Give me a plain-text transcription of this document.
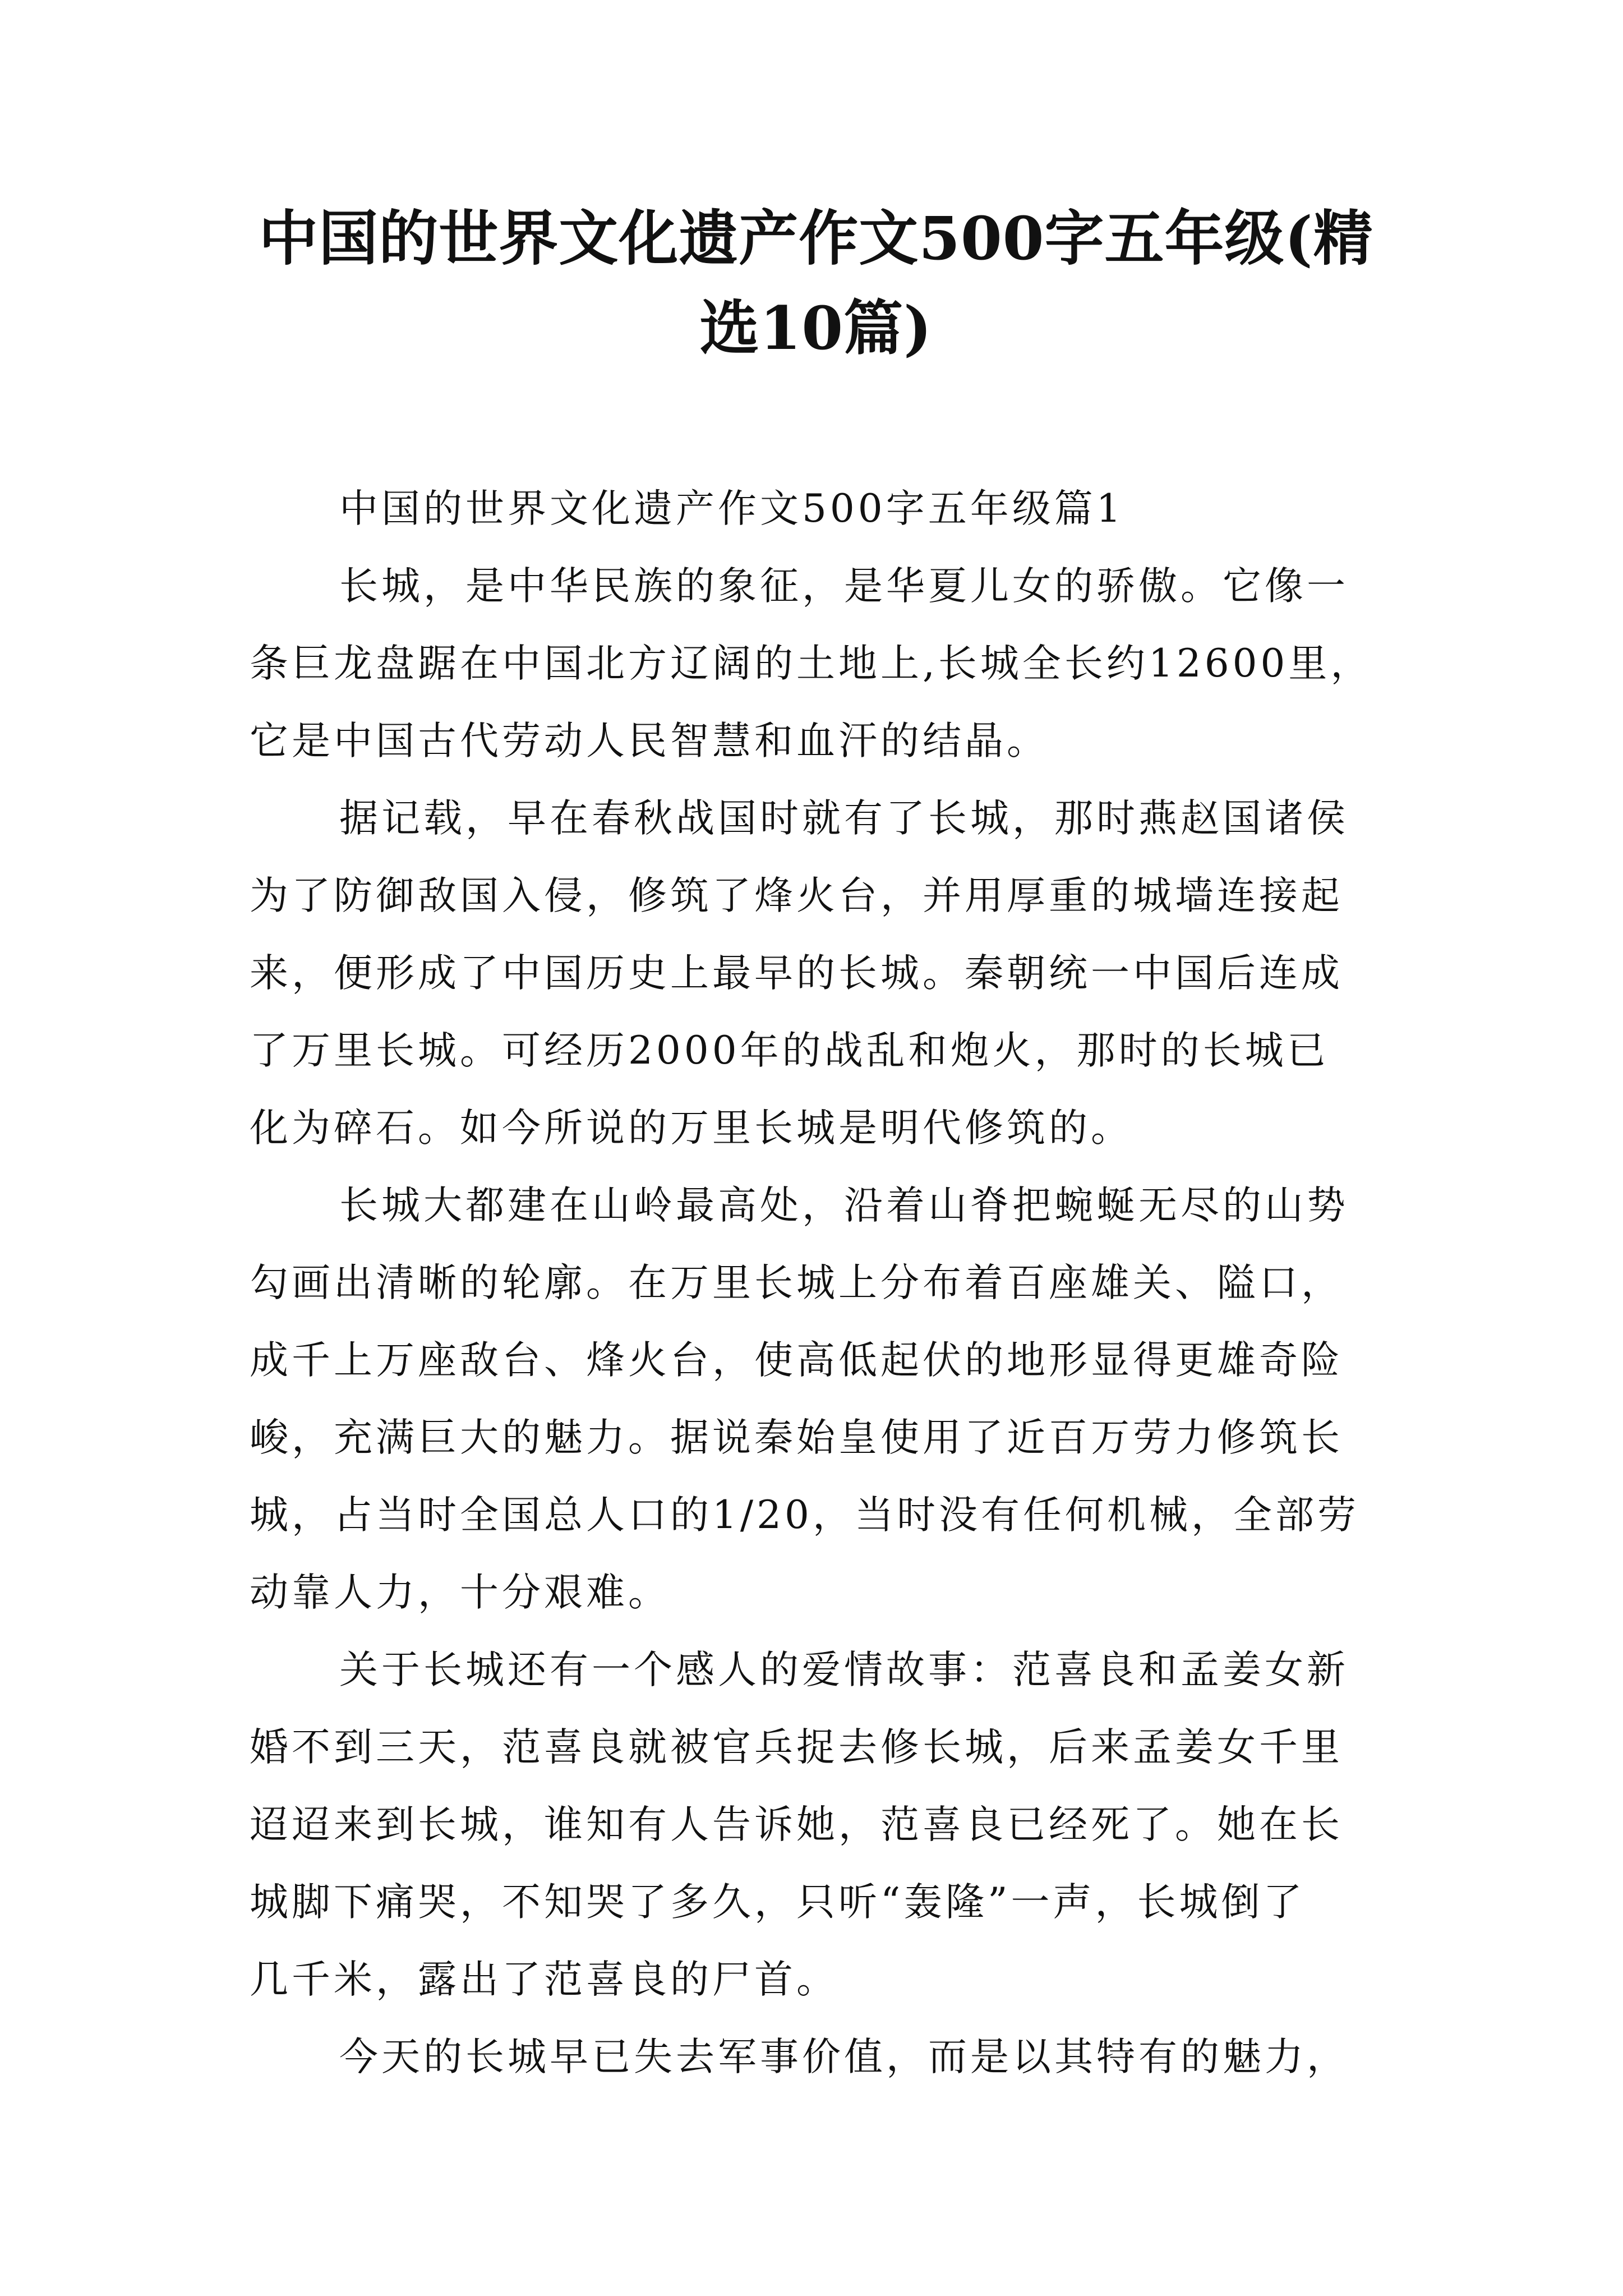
中国的世界文化遗产作文500字五年级(精
选10篇)

中国的世界文化遗产作文500字五年级篇1

长城，是中华民族的象征，是华夏儿女的骄傲。它像一

条巨龙盘踞在中国北方辽阔的土地上,长城全长约12600里，

它是中国古代劳动人民智慧和血汗的结晶。

据记载，早在春秋战国时就有了长城，那时燕赵国诸侯

为了防御敌国入侵，修筑了烽火台，并用厚重的城墙连接起

来，便形成了中国历史上最早的长城。秦朝统一中国后连成

了万里长城。可经历2000年的战乱和炮火，那时的长城已

化为碎石。如今所说的万里长城是明代修筑的。

长城大都建在山岭最高处，沿着山脊把蜿蜒无尽的山势

勾画出清晰的轮廓。在万里长城上分布着百座雄关、隘口，

成千上万座敌台、烽火台，使高低起伏的地形显得更雄奇险

峻，充满巨大的魅力。据说秦始皇使用了近百万劳力修筑长

城，占当时全国总人口的1/20，当时没有任何机械，全部劳

动靠人力，十分艰难。

关于长城还有一个感人的爱情故事：范喜良和孟姜女新

婚不到三天，范喜良就被官兵捉去修长城，后来孟姜女千里

迢迢来到长城，谁知有人告诉她，范喜良已经死了。她在长

城脚下痛哭，不知哭了多久，只听“轰隆”一声，长城倒了

几千米，露出了范喜良的尸首。

今天的长城早已失去军事价值，而是以其特有的魅力，
